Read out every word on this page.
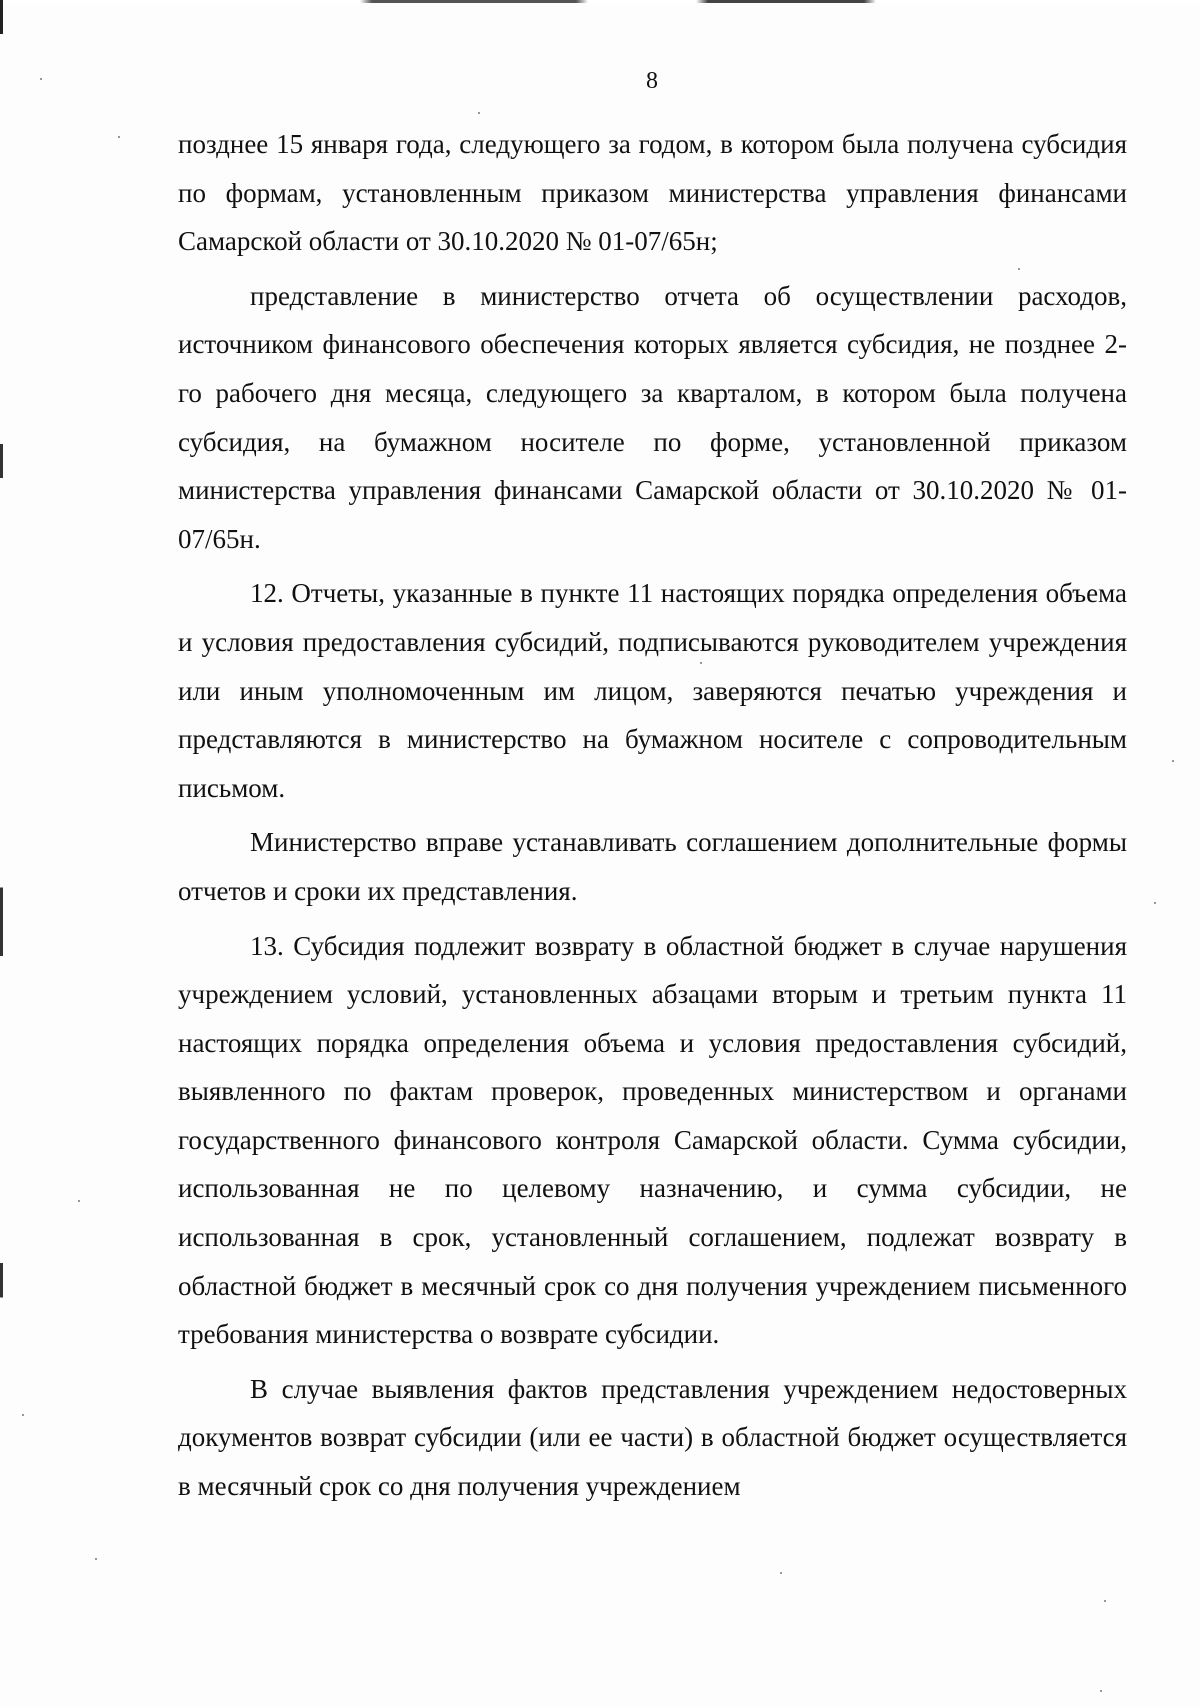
8

позднее 15 января года, следующего за годом, в котором была получена субсидия по формам, установленным приказом министерства управления финансами Самарской области от 30.10.2020 № 01-07/65н;

представление в министерство отчета об осуществлении расходов, источником финансового обеспечения которых является субсидия, не позднее 2-го рабочего дня месяца, следующего за кварталом, в котором была получена субсидия, на бумажном носителе по форме, установленной приказом министерства управления финансами Самарской области от 30.10.2020 № 01-07/65н.

12. Отчеты, указанные в пункте 11 настоящих порядка определения объема и условия предоставления субсидий, подписываются руководителем учреждения или иным уполномоченным им лицом, заверяются печатью учреждения и представляются в министерство на бумажном носителе с сопроводительным письмом.

Министерство вправе устанавливать соглашением дополнительные формы отчетов и сроки их представления.

13. Субсидия подлежит возврату в областной бюджет в случае нарушения учреждением условий, установленных абзацами вторым и третьим пункта 11 настоящих порядка определения объема и условия предоставления субсидий, выявленного по фактам проверок, проведенных министерством и органами государственного финансового контроля Самарской области. Сумма субсидии, использованная не по целевому назначению, и сумма субсидии, не использованная в срок, установленный соглашением, подлежат возврату в областной бюджет в месячный срок со дня получения учреждением письменного требования министерства о возврате субсидии.

В случае выявления фактов представления учреждением недостоверных документов возврат субсидии (или ее части) в областной бюджет осуществляется в месячный срок со дня получения учреждением
